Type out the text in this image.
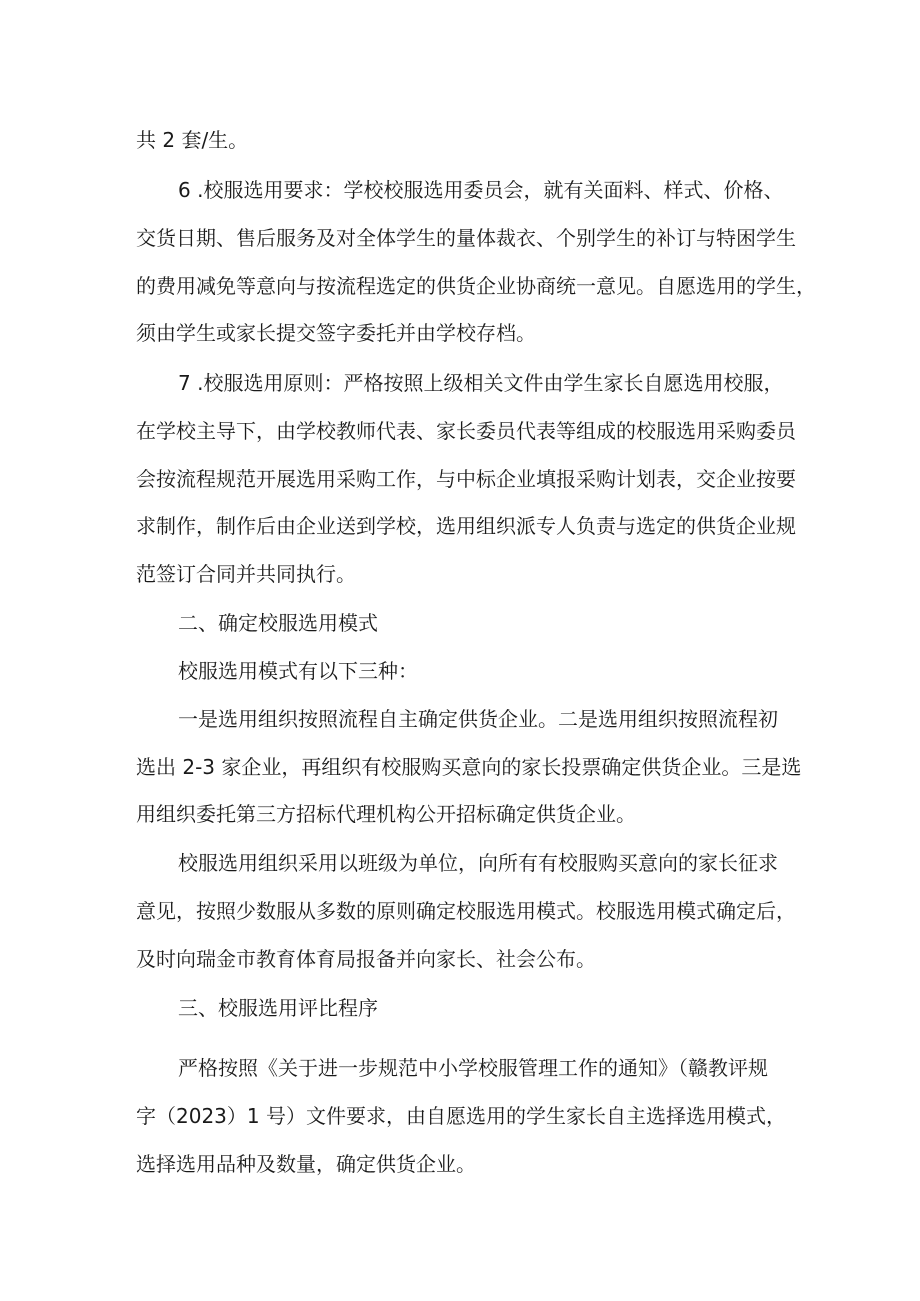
共 2 套/生。
6 .校服选用要求：学校校服选用委员会，就有关面料、样式、价格、
交货日期、售后服务及对全体学生的量体裁衣、个别学生的补订与特困学生
的费用减免等意向与按流程选定的供货企业协商统一意见。自愿选用的学生，
须由学生或家长提交签字委托并由学校存档。
7 .校服选用原则：严格按照上级相关文件由学生家长自愿选用校服，
在学校主导下，由学校教师代表、家长委员代表等组成的校服选用采购委员
会按流程规范开展选用采购工作，与中标企业填报采购计划表，交企业按要
求制作，制作后由企业送到学校，选用组织派专人负责与选定的供货企业规
范签订合同并共同执行。
二、确定校服选用模式
校服选用模式有以下三种：
一是选用组织按照流程自主确定供货企业。二是选用组织按照流程初
选出 2-3 家企业，再组织有校服购买意向的家长投票确定供货企业。三是选
用组织委托第三方招标代理机构公开招标确定供货企业。
校服选用组织采用以班级为单位，向所有有校服购买意向的家长征求
意见，按照少数服从多数的原则确定校服选用模式。校服选用模式确定后，
及时向瑞金市教育体育局报备并向家长、社会公布。
三、校服选用评比程序
严格按照《关于进一步规范中小学校服管理工作的通知》（赣教评规
字（2023）1 号）文件要求，由自愿选用的学生家长自主选择选用模式，
选择选用品种及数量，确定供货企业。
